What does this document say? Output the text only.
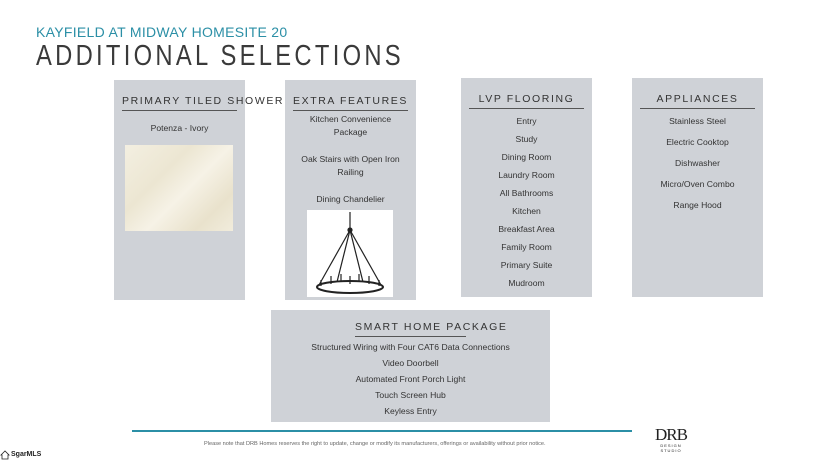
KAYFIELD AT MIDWAY HOMESITE 20
ADDITIONAL SELECTIONS
PRIMARY TILED SHOWER
Potenza - Ivory
EXTRA FEATURES
Kitchen Convenience
Package
Oak Stairs with Open Iron
Railing
Dining Chandelier
LVP FLOORING
Entry
Study
Dining Room
Laundry Room
All Bathrooms
Kitchen
Breakfast Area
Family Room
Primary Suite
Mudroom
APPLIANCES
Stainless Steel
Electric Cooktop
Dishwasher
Micro/Oven Combo
Range Hood
SMART HOME PACKAGE
Structured Wiring with Four CAT6 Data Connections
Video Doorbell
Automated Front Porch Light
Touch Screen Hub
Keyless Entry
Please note that DRB Homes reserves the right to update, change or modify its manufacturers, offerings or availability without prior notice.	DRB
DESIGN STUDIO
SgarMLS
